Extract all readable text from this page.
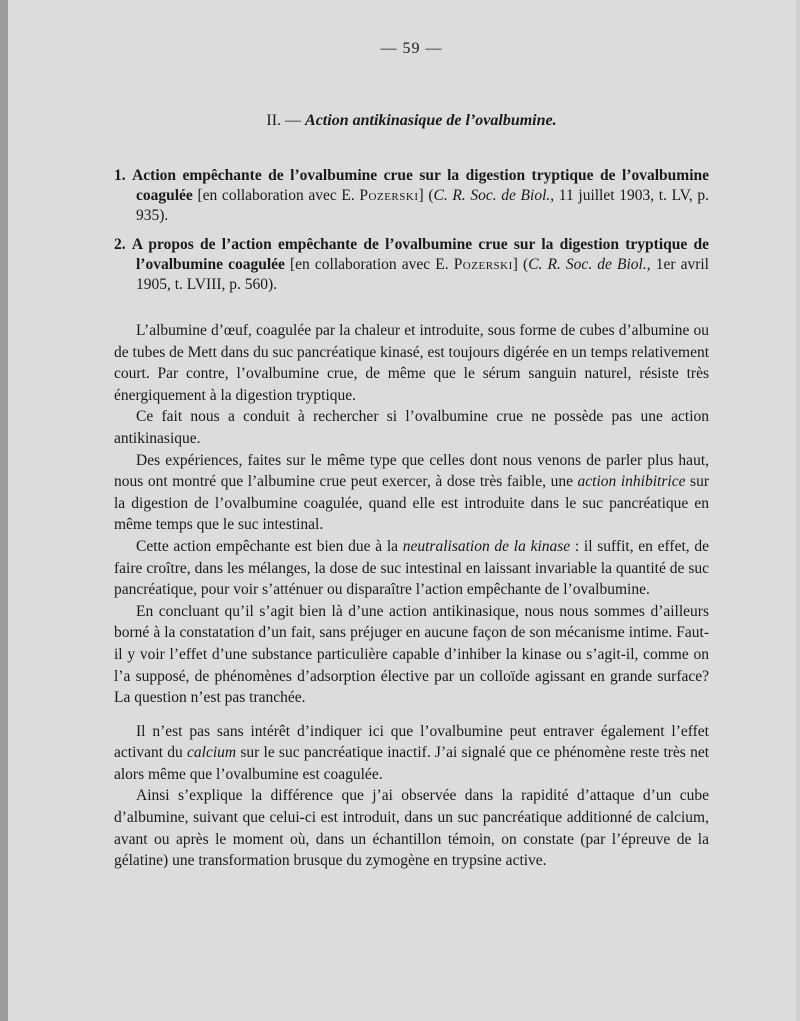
— 59 —
II. — Action antikinasique de l’ovalbumine.
1. Action empêchante de l’ovalbumine crue sur la digestion tryptique de l’ovalbumine coagulée [en collaboration avec E. Pozerski] (C. R. Soc. de Biol., 11 juillet 1903, t. LV, p. 935).
2. A propos de l’action empêchante de l’ovalbumine crue sur la digestion tryptique de l’ovalbumine coagulée [en collaboration avec E. Pozerski] (C. R. Soc. de Biol., 1er avril 1905, t. LVIII, p. 560).

L’albumine d’œuf, coagulée par la chaleur et introduite, sous forme de cubes d’albumine ou de tubes de Mett dans du suc pancréatique kinasé, est toujours digérée en un temps relativement court. Par contre, l’ovalbumine crue, de même que le sérum sanguin naturel, résiste très énergiquement à la digestion tryptique.

Ce fait nous a conduit à rechercher si l’ovalbumine crue ne possède pas une action antikinasique.

Des expériences, faites sur le même type que celles dont nous venons de parler plus haut, nous ont montré que l’albumine crue peut exercer, à dose très faible, une action inhibitrice sur la digestion de l’ovalbumine coagulée, quand elle est introduite dans le suc pancréatique en même temps que le suc intestinal.

Cette action empêchante est bien due à la neutralisation de la kinase : il suffit, en effet, de faire croître, dans les mélanges, la dose de suc intestinal en laissant invariable la quantité de suc pancréatique, pour voir s’atténuer ou disparaître l’action empêchante de l’ovalbumine.

En concluant qu’il s’agit bien là d’une action antikinasique, nous nous sommes d’ailleurs borné à la constatation d’un fait, sans préjuger en aucune façon de son mécanisme intime. Faut-il y voir l’effet d’une substance particulière capable d’inhiber la kinase ou s’agit-il, comme on l’a supposé, de phénomènes d’adsorption élective par un colloïde agissant en grande surface? La question n’est pas tranchée.

Il n’est pas sans intérêt d’indiquer ici que l’ovalbumine peut entraver également l’effet activant du calcium sur le suc pancréatique inactif. J’ai signalé que ce phénomène reste très net alors même que l’ovalbumine est coagulée.

Ainsi s’explique la différence que j’ai observée dans la rapidité d’attaque d’un cube d’albumine, suivant que celui-ci est introduit, dans un suc pancréatique additionné de calcium, avant ou après le moment où, dans un échantillon témoin, on constate (par l’épreuve de la gélatine) une transformation brusque du zymogène en trypsine active.
